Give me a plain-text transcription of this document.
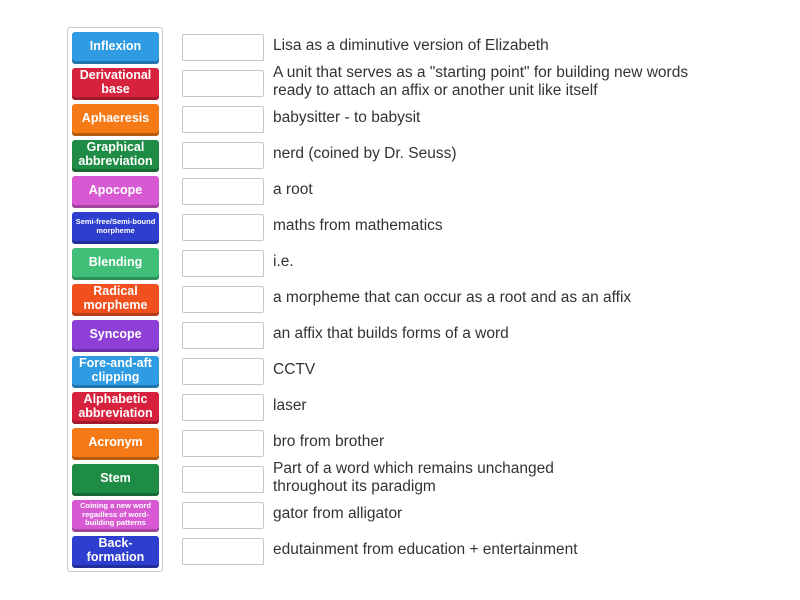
Inflexion
Derivational base
Aphaeresis
Graphical abbreviation
Apocope
Semi-free/Semi-bound morpheme
Blending
Radical morpheme
Syncope
Fore-and-aft clipping
Alphabetic abbreviation
Acronym
Stem
Coining a new word regadless of word-building patterns
Back-formation
Lisa as a diminutive version of Elizabeth
A unit that serves as a "starting point" for building new words ready to attach an affix or another unit like itself
babysitter - to babysit
nerd (coined by Dr. Seuss)
a root
maths from mathematics
i.e.
a morpheme that can occur as a root and as an affix
an affix that builds forms of a word
CCTV
laser
bro from brother
Part of a word which remains unchanged throughout its paradigm
gator from alligator
edutainment from education + entertainment
